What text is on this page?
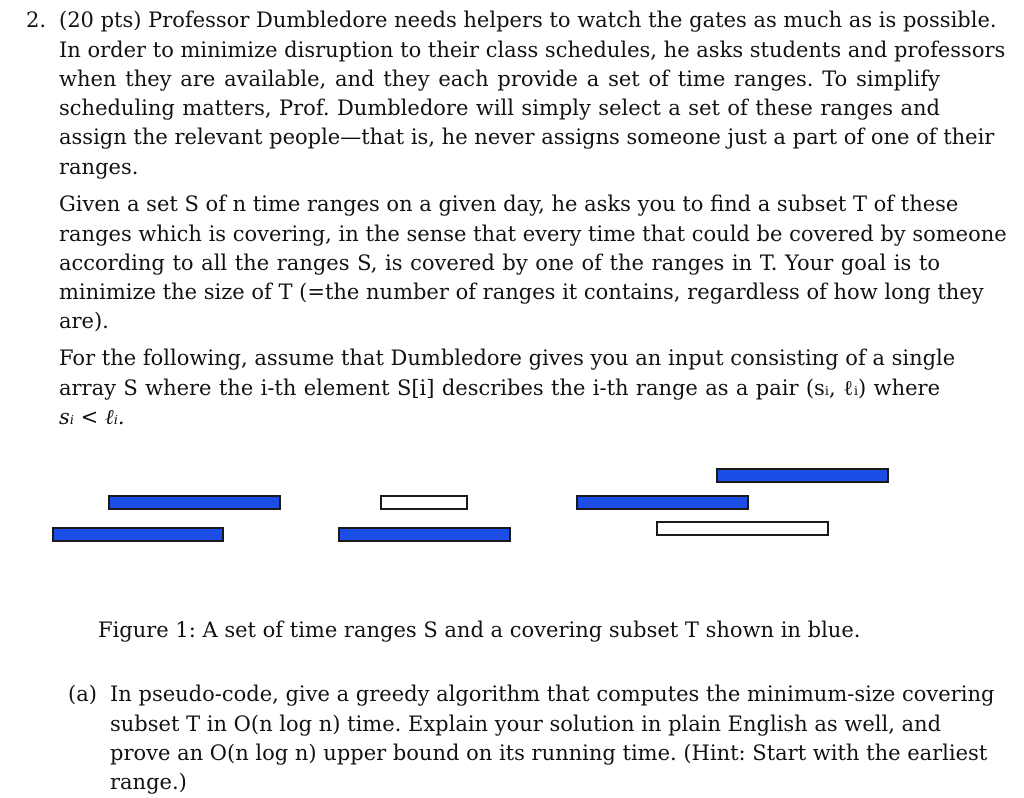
2. (20 pts) Professor Dumbledore needs helpers to watch the gates as much as is possible.
In order to minimize disruption to their class schedules, he asks students and professors
when they are available, and they each provide a set of time ranges. To simplify
scheduling matters, Prof. Dumbledore will simply select a set of these ranges and
assign the relevant people—that is, he never assigns someone just a part of one of their
ranges.
Given a set S of n time ranges on a given day, he asks you to find a subset T of these
ranges which is covering, in the sense that every time that could be covered by someone
according to all the ranges S, is covered by one of the ranges in T. Your goal is to
minimize the size of T (=the number of ranges it contains, regardless of how long they
are).
For the following, assume that Dumbledore gives you an input consisting of a single
array S where the i-th element S[i] describes the i-th range as a pair (sᵢ, ℓᵢ) where
sᵢ < ℓᵢ.
Figure 1: A set of time ranges S and a covering subset T shown in blue.
(a) In pseudo-code, give a greedy algorithm that computes the minimum-size covering
subset T in O(n log n) time. Explain your solution in plain English as well, and
prove an O(n log n) upper bound on its running time. (Hint: Start with the earliest
range.)
